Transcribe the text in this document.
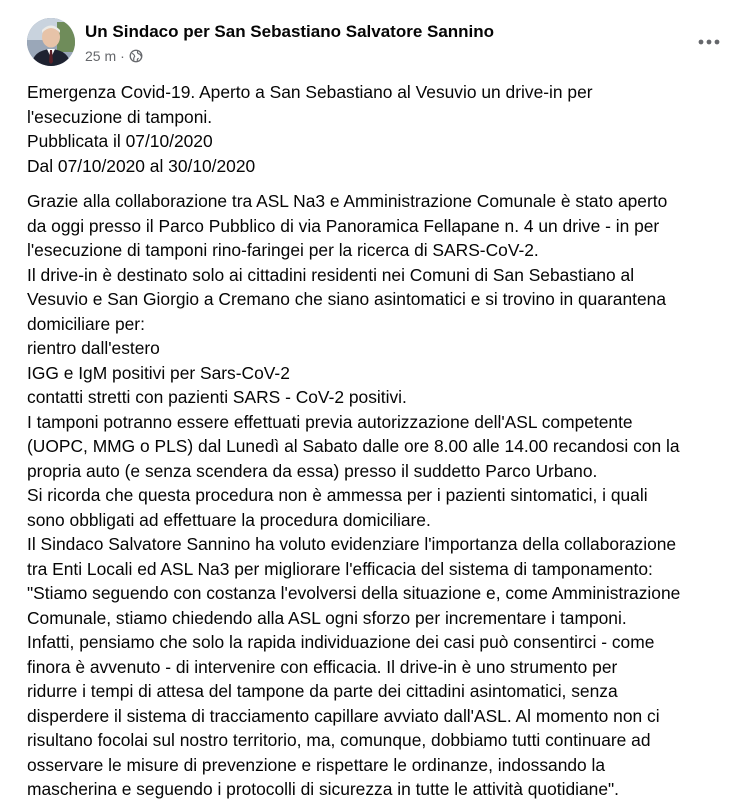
Un Sindaco per San Sebastiano Salvatore Sannino
25 m ·
Emergenza Covid-19. Aperto a San Sebastiano al Vesuvio un drive-in per
l'esecuzione di tamponi.
Pubblicata il 07/10/2020
Dal 07/10/2020 al 30/10/2020
Grazie alla collaborazione tra ASL Na3 e Amministrazione Comunale è stato aperto
da oggi presso il Parco Pubblico di via Panoramica Fellapane n. 4 un drive - in per
l'esecuzione di tamponi rino-faringei per la ricerca di SARS-CoV-2.
Il drive-in è destinato solo ai cittadini residenti nei Comuni di San Sebastiano al
Vesuvio e San Giorgio a Cremano che siano asintomatici e si trovino in quarantena
domiciliare per:
rientro dall'estero
IGG e IgM positivi per Sars-CoV-2
contatti stretti con pazienti SARS - CoV-2 positivi.
I tamponi potranno essere effettuati previa autorizzazione dell'ASL competente
(UOPC, MMG o PLS) dal Lunedì al Sabato dalle ore 8.00 alle 14.00 recandosi con la
propria auto (e senza scendera da essa) presso il suddetto Parco Urbano.
Si ricorda che questa procedura non è ammessa per i pazienti sintomatici, i quali
sono obbligati ad effettuare la procedura domiciliare.
Il Sindaco Salvatore Sannino ha voluto evidenziare l'importanza della collaborazione
tra Enti Locali ed ASL Na3 per migliorare l'efficacia del sistema di tamponamento:
"Stiamo seguendo con costanza l'evolversi della situazione e, come Amministrazione
Comunale, stiamo chiedendo alla ASL ogni sforzo per incrementare i tamponi.
Infatti, pensiamo che solo la rapida individuazione dei casi può consentirci - come
finora è avvenuto - di intervenire con efficacia. Il drive-in è uno strumento per
ridurre i tempi di attesa del tampone da parte dei cittadini asintomatici, senza
disperdere il sistema di tracciamento capillare avviato dall'ASL. Al momento non ci
risultano focolai sul nostro territorio, ma, comunque, dobbiamo tutti continuare ad
osservare le misure di prevenzione e rispettare le ordinanze, indossando la
mascherina e seguendo i protocolli di sicurezza in tutte le attività quotidiane".
